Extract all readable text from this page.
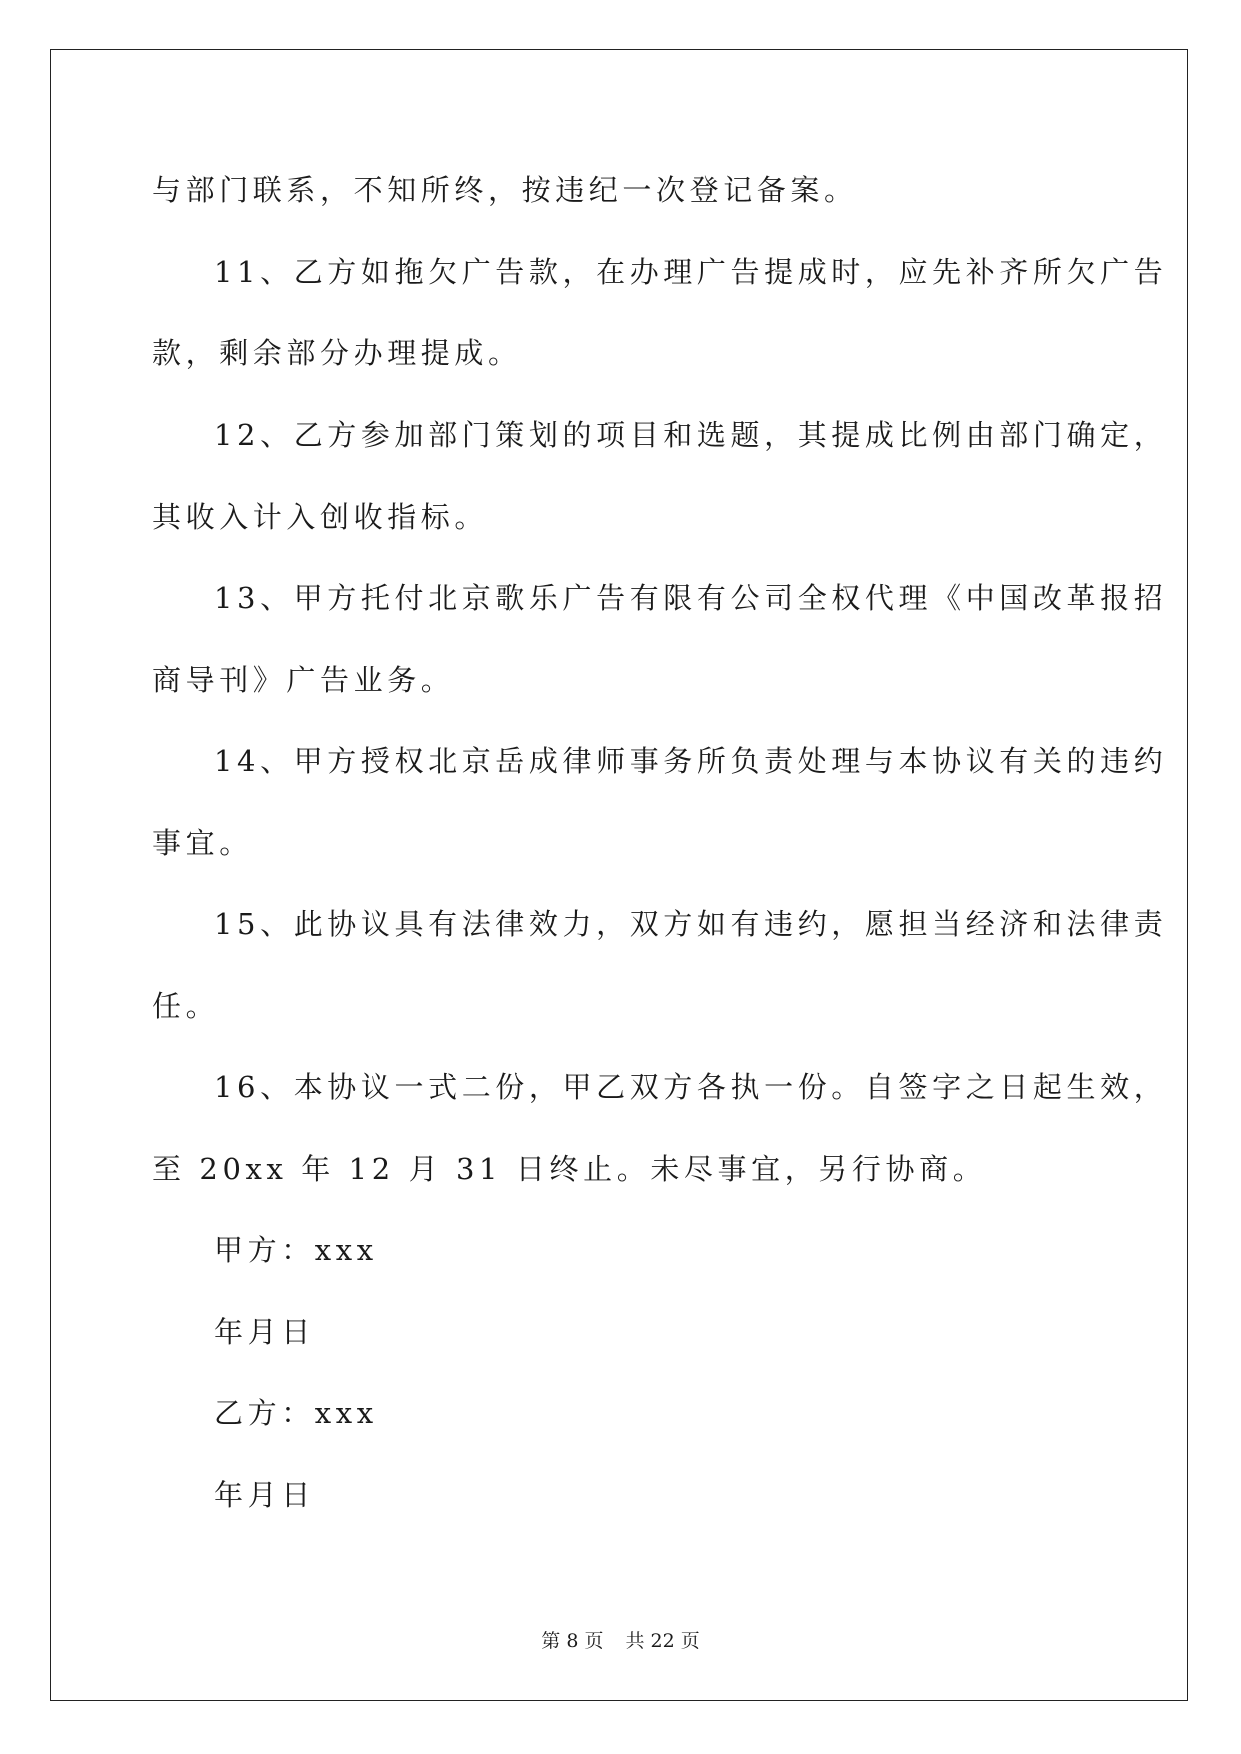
与部门联系，不知所终，按违纪一次登记备案。
11、乙方如拖欠广告款，在办理广告提成时，应先补齐所欠广告
款，剩余部分办理提成。
12、乙方参加部门策划的项目和选题，其提成比例由部门确定，
其收入计入创收指标。
13、甲方托付北京歌乐广告有限有公司全权代理《中国改革报招
商导刊》广告业务。
14、甲方授权北京岳成律师事务所负责处理与本协议有关的违约
事宜。
15、此协议具有法律效力，双方如有违约，愿担当经济和法律责
任。
16、本协议一式二份，甲乙双方各执一份。自签字之日起生效，
至 20xx 年 12 月 31 日终止。未尽事宜，另行协商。
甲方：xxx
年月日
乙方：xxx
年月日
第 8 页 共 22 页
